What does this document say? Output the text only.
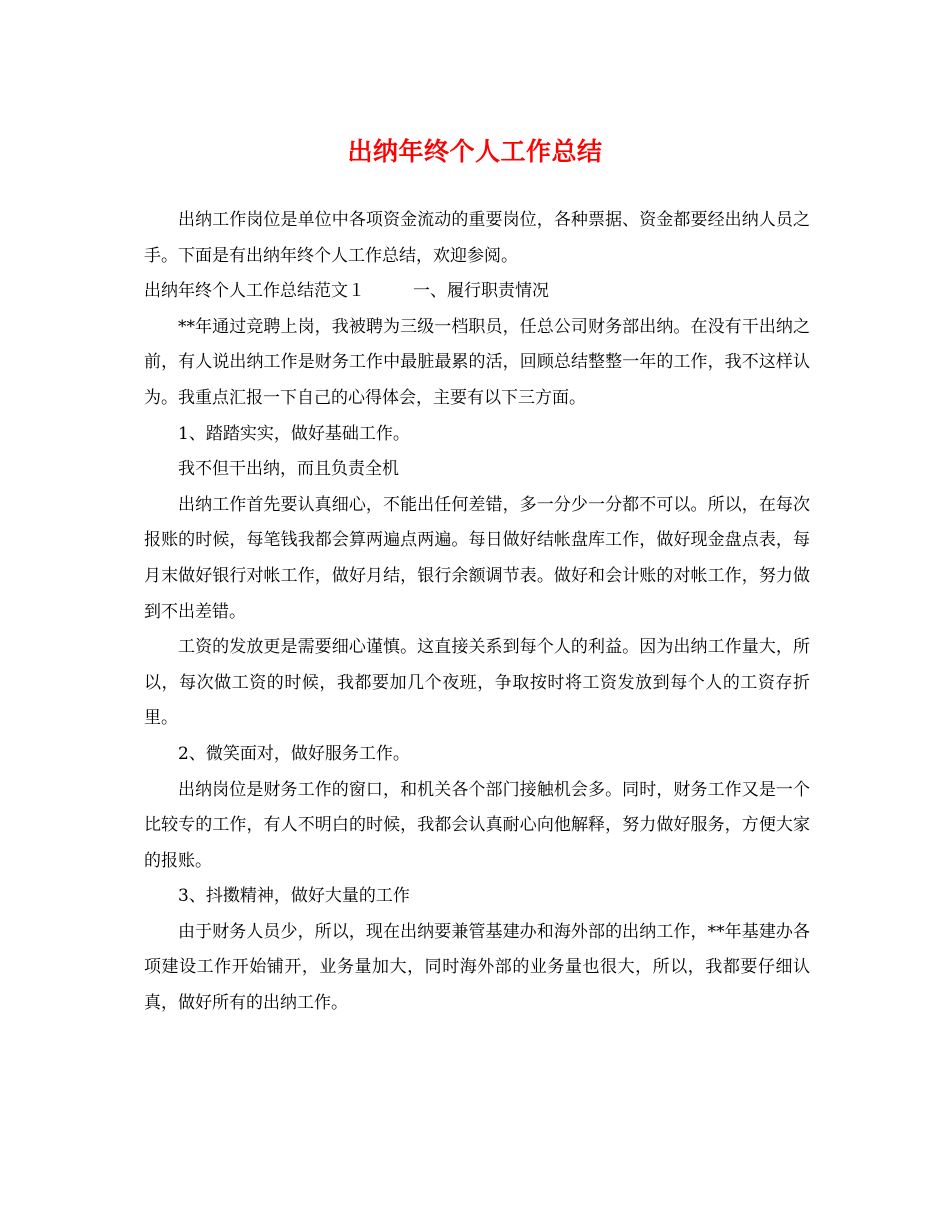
出纳年终个人工作总结

出纳工作岗位是单位中各项资金流动的重要岗位，各种票据、资金都要经出纳人员之手。下面是有出纳年终个人工作总结，欢迎参阅。

出纳年终个人工作总结范文１	一、履行职责情况

**年通过竞聘上岗，我被聘为三级一档职员，任总公司财务部出纳。在没有干出纳之前，有人说出纳工作是财务工作中最脏最累的活，回顾总结整整一年的工作，我不这样认为。我重点汇报一下自己的心得体会，主要有以下三方面。

1、踏踏实实，做好基础工作。

我不但干出纳，而且负责全机

出纳工作首先要认真细心，不能出任何差错，多一分少一分都不可以。所以，在每次报账的时候，每笔钱我都会算两遍点两遍。每日做好结帐盘库工作，做好现金盘点表，每月末做好银行对帐工作，做好月结，银行余额调节表。做好和会计账的对帐工作，努力做到不出差错。

工资的发放更是需要细心谨慎。这直接关系到每个人的利益。因为出纳工作量大，所以，每次做工资的时候，我都要加几个夜班，争取按时将工资发放到每个人的工资存折里。

2、微笑面对，做好服务工作。

出纳岗位是财务工作的窗口，和机关各个部门接触机会多。同时，财务工作又是一个比较专的工作，有人不明白的时候，我都会认真耐心向他解释，努力做好服务，方便大家的报账。

3、抖擞精神，做好大量的工作

由于财务人员少，所以，现在出纳要兼管基建办和海外部的出纳工作，**年基建办各项建设工作开始铺开，业务量加大，同时海外部的业务量也很大，所以，我都要仔细认真，做好所有的出纳工作。
